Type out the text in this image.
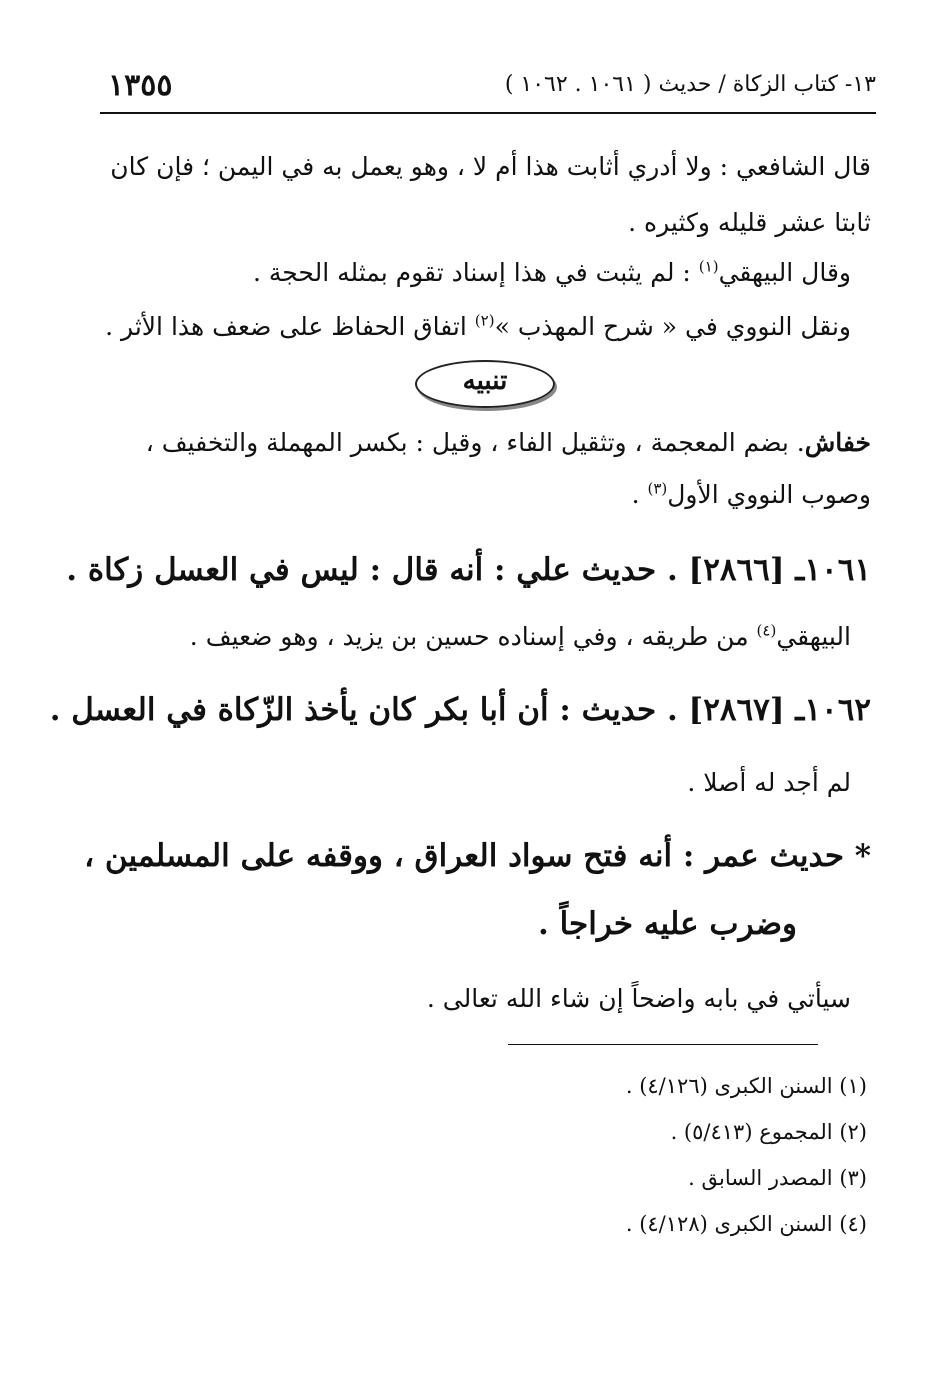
١٣- كتاب الزكاة / حديث ( ١٠٦١ . ١٠٦٢ )
١٣٥٥
قال الشافعي : ولا أدري أثابت هذا أم لا ، وهو يعمل به في اليمن ؛ فإن كان
ثابتا عشر قليله وكثيره .
وقال البيهقي$^{(١)}$ : لم يثبت في هذا إسناد تقوم بمثله الحجة .
ونقل النووي في « شرح المهذب »$^{(٢)}$ اتفاق الحفاظ على ضعف هذا الأثر .
تنبيه
خفاش. بضم المعجمة ، وتثقيل الفاء ، وقيل : بكسر المهملة والتخفيف ،
وصوب النووي الأول$^{(٣)}$ .
١٠٦١ـ [٢٨٦٦] . حديث علي : أنه قال : ليس في العسل زكاة .
البيهقي$^{(٤)}$ من طريقه ، وفي إسناده حسين بن يزيد ، وهو ضعيف .
١٠٦٢ـ [٢٨٦٧] . حديث : أن أبا بكر كان يأخذ الزّكاة في العسل .
لم أجد له أصلا .
* حديث عمر : أنه فتح سواد العراق ، ووقفه على المسلمين ،
وضرب عليه خراجاً .
سيأتي في بابه واضحاً إن شاء الله تعالى .
(١) السنن الكبرى (٤/١٢٦) .
(٢) المجموع (٥/٤١٣) .
(٣) المصدر السابق .
(٤) السنن الكبرى (٤/١٢٨) .
